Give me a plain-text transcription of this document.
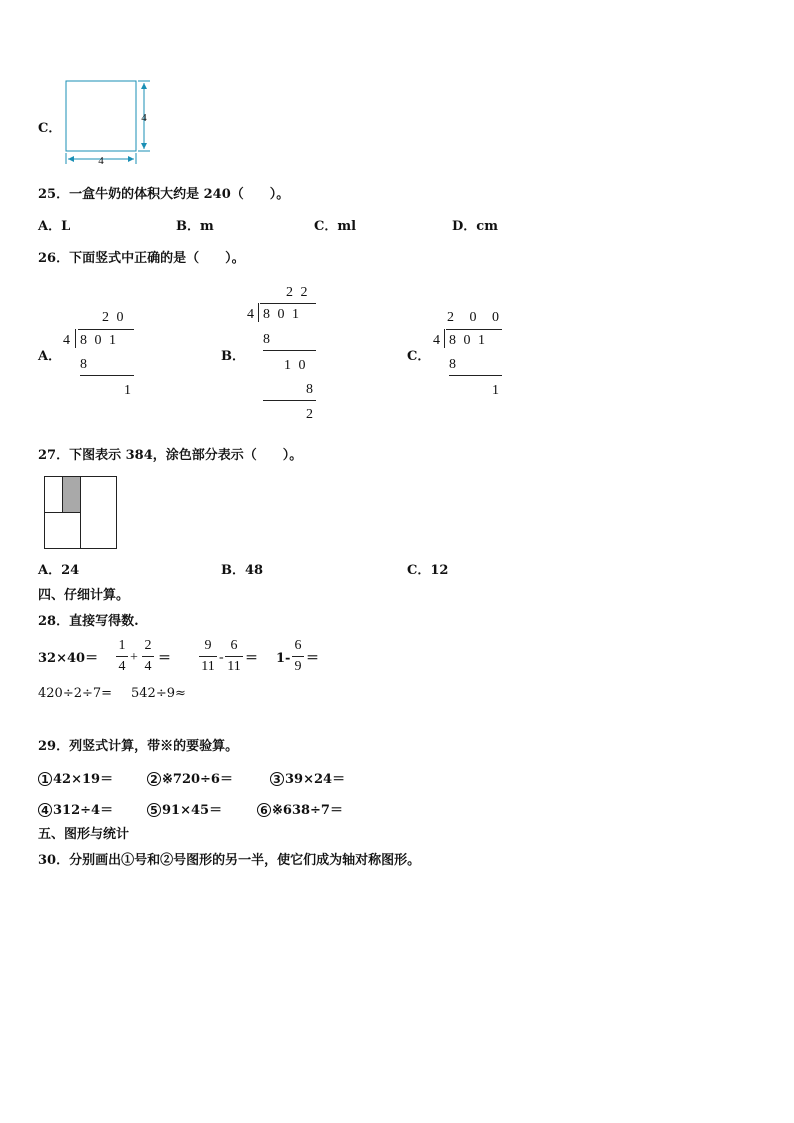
C．
4
4
25．一盒牛奶的体积大约是 240（　　）。
A．L	B．m	C．ml	D．cm
26．下面竖式中正确的是（　　）。
A．
2 0
4 8 0 1
8
1
B．
2 2
4 8 0 1
8
1 0
8
2
C．
2 0 0
4 8 0 1
8
1
27．下图表示 384，涂色部分表示（　　）。
A．24	B．48	C．12
四、仔细计算。
28．直接写得数.
32×40＝
1
4
+
2
4
＝
9
11
-
6
11
＝ 1-
6
9
＝
420÷2÷7= 542÷9≈
29．列竖式计算，带※的要验算。
1 42×19＝	2 ※720÷6＝	3 39×24＝
4 312÷4＝	5 91×45＝	6 ※638÷7＝
五、图形与统计
30．分别画出①号和②号图形的另一半，使它们成为轴对称图形。
